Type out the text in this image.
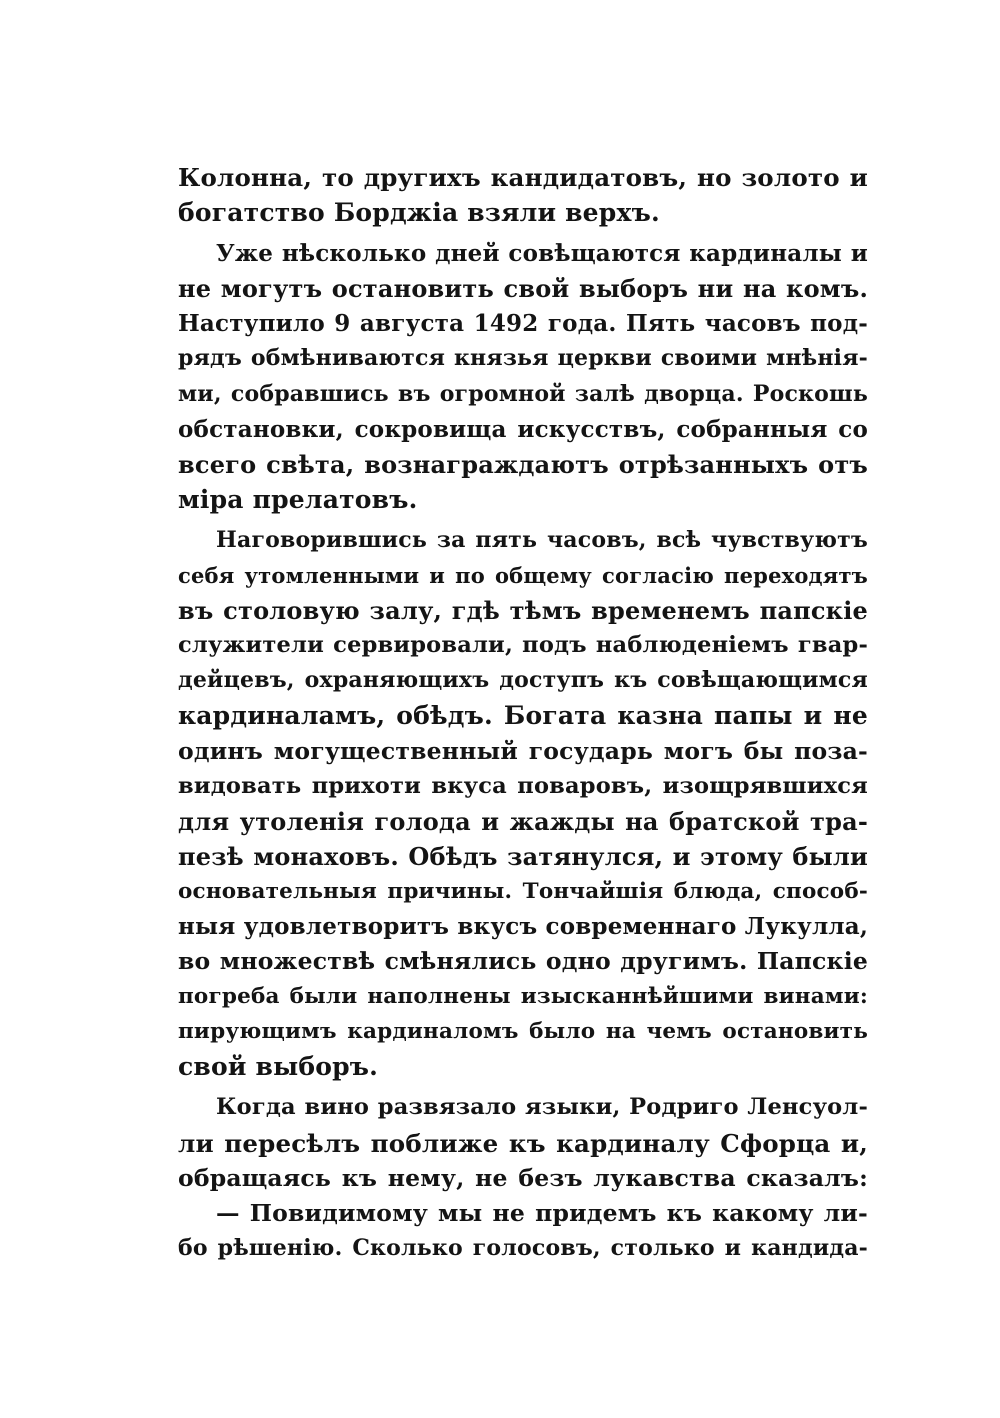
Колонна, то другихъ кандидатовъ, но золото и
богатство Борджіа взяли верхъ.
Уже нѣсколько дней совѣщаются кардиналы и
не могутъ остановить свой выборъ ни на комъ.
Наступило 9 августа 1492 года. Пять часовъ под-
рядъ обмѣниваются князья церкви своими мнѣнія-
ми, собравшись въ огромной залѣ дворца. Роскошь
обстановки, сокровища искусствъ, собранныя со
всего свѣта, вознаграждаютъ отрѣзанныхъ отъ
міра прелатовъ.
Наговорившись за пять часовъ, всѣ чувствуютъ
себя утомленными и по общему согласію переходятъ
въ столовую залу, гдѣ тѣмъ временемъ папскіе
служители сервировали, подъ наблюденіемъ гвар-
дейцевъ, охраняющихъ доступъ къ совѣщающимся
кардиналамъ, обѣдъ. Богата казна папы и не
одинъ могущественный государь могъ бы поза-
видовать прихоти вкуса поваровъ, изощрявшихся
для утоленія голода и жажды на братской тра-
пезѣ монаховъ. Обѣдъ затянулся, и этому были
основательныя причины. Тончайшія блюда, способ-
ныя удовлетворитъ вкусъ современнаго Лукулла,
во множествѣ смѣнялись одно другимъ. Папскіе
погреба были наполнены изысканнѣйшими винами:
пирующимъ кардиналомъ было на чемъ остановить
свой выборъ.
Когда вино развязало языки, Родриго Ленсуол-
ли пересѣлъ поближе къ кардиналу Сфорца и,
обращаясь къ нему, не безъ лукавства сказалъ:
— Повидимому мы не придемъ къ какому ли-
бо рѣшенію. Сколько голосовъ, столько и кандида-
